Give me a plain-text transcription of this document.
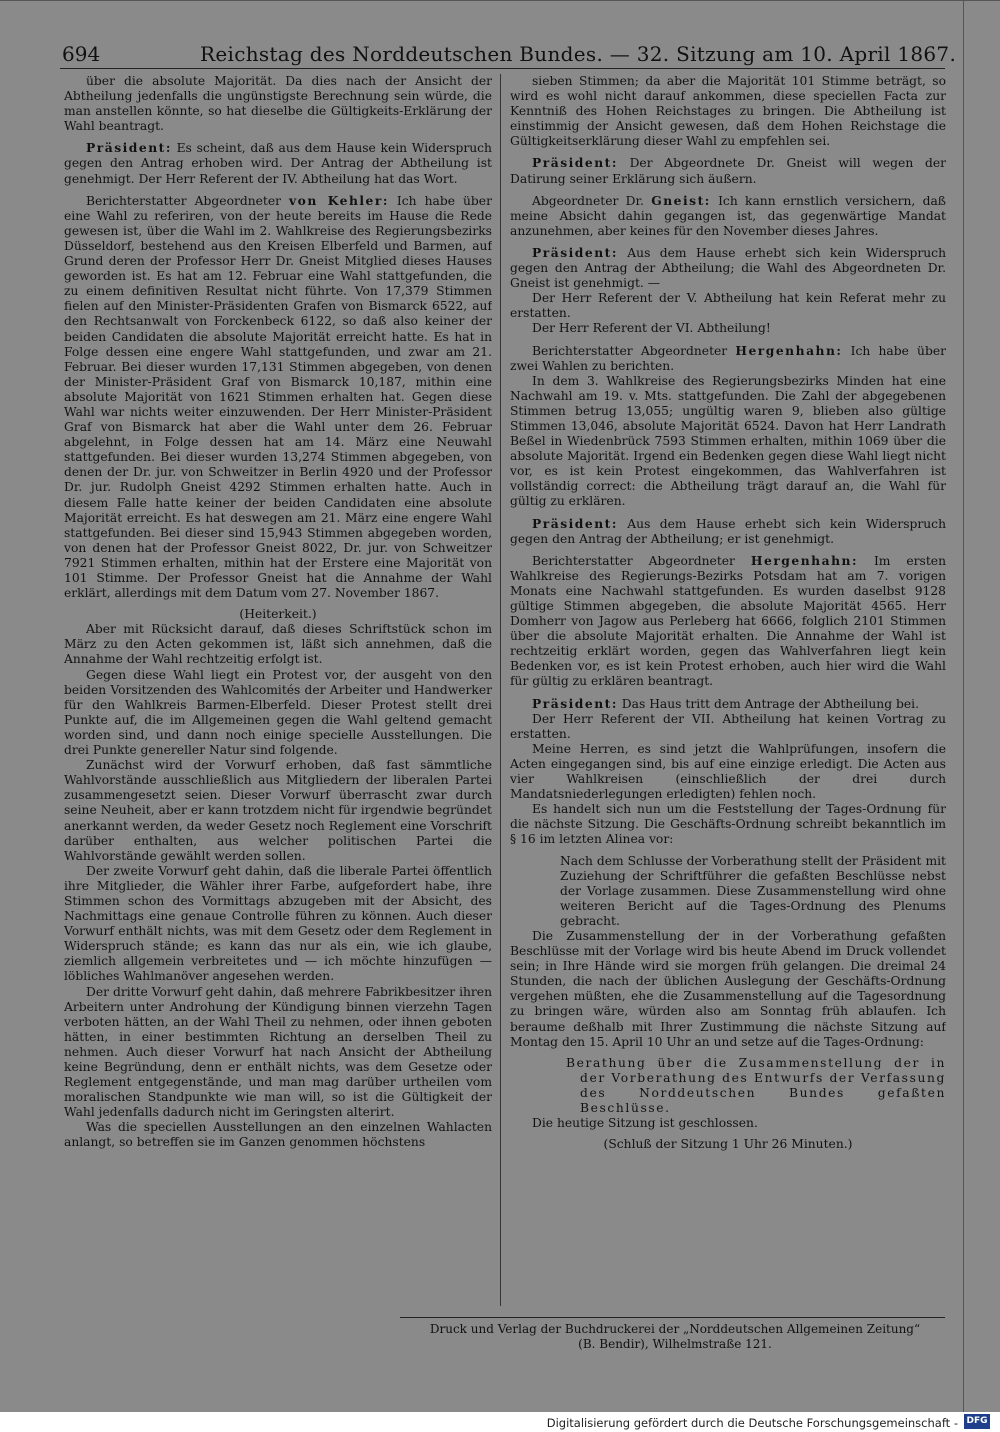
694	Reichstag des Norddeutschen Bundes. — 32. Sitzung am 10. April 1867.

über die absolute Majorität. Da dies nach der Ansicht der Abtheilung jedenfalls die ungünstigste Berechnung sein würde, die man anstellen könnte, so hat dieselbe die Gültigkeits-Erklärung der Wahl beantragt.

Präsident: Es scheint, daß aus dem Hause kein Widerspruch gegen den Antrag erhoben wird. Der Antrag der Abtheilung ist genehmigt. Der Herr Referent der IV. Abtheilung hat das Wort.

Berichterstatter Abgeordneter von Kehler: Ich habe über eine Wahl zu referiren, von der heute bereits im Hause die Rede gewesen ist, über die Wahl im 2. Wahlkreise des Regierungsbezirks Düsseldorf, bestehend aus den Kreisen Elberfeld und Barmen, auf Grund deren der Professor Herr Dr. Gneist Mitglied dieses Hauses geworden ist. Es hat am 12. Februar eine Wahl stattgefunden, die zu einem definitiven Resultat nicht führte. Von 17,379 Stimmen fielen auf den Minister-Präsidenten Grafen von Bismarck 6522, auf den Rechtsanwalt von Forckenbeck 6122, so daß also keiner der beiden Candidaten die absolute Majorität erreicht hatte. Es hat in Folge dessen eine engere Wahl stattgefunden, und zwar am 21. Februar. Bei dieser wurden 17,131 Stimmen abgegeben, von denen der Minister-Präsident Graf von Bismarck 10,187, mithin eine absolute Majorität von 1621 Stimmen erhalten hat. Gegen diese Wahl war nichts weiter einzuwenden. Der Herr Minister-Präsident Graf von Bismarck hat aber die Wahl unter dem 26. Februar abgelehnt, in Folge dessen hat am 14. März eine Neuwahl stattgefunden. Bei dieser wurden 13,274 Stimmen abgegeben, von denen der Dr. jur. von Schweitzer in Berlin 4920 und der Professor Dr. jur. Rudolph Gneist 4292 Stimmen erhalten hatte. Auch in diesem Falle hatte keiner der beiden Candidaten eine absolute Majorität erreicht. Es hat deswegen am 21. März eine engere Wahl stattgefunden. Bei dieser sind 15,943 Stimmen abgegeben worden, von denen hat der Professor Gneist 8022, Dr. jur. von Schweitzer 7921 Stimmen erhalten, mithin hat der Erstere eine Majorität von 101 Stimme. Der Professor Gneist hat die Annahme der Wahl erklärt, allerdings mit dem Datum vom 27. November 1867.

(Heiterkeit.)

Aber mit Rücksicht darauf, daß dieses Schriftstück schon im März zu den Acten gekommen ist, läßt sich annehmen, daß die Annahme der Wahl rechtzeitig erfolgt ist.

Gegen diese Wahl liegt ein Protest vor, der ausgeht von den beiden Vorsitzenden des Wahlcomités der Arbeiter und Handwerker für den Wahlkreis Barmen-Elberfeld. Dieser Protest stellt drei Punkte auf, die im Allgemeinen gegen die Wahl geltend gemacht worden sind, und dann noch einige specielle Ausstellungen. Die drei Punkte genereller Natur sind folgende.

Zunächst wird der Vorwurf erhoben, daß fast sämmtliche Wahlvorstände ausschließlich aus Mitgliedern der liberalen Partei zusammengesetzt seien. Dieser Vorwurf überrascht zwar durch seine Neuheit, aber er kann trotzdem nicht für irgendwie begründet anerkannt werden, da weder Gesetz noch Reglement eine Vorschrift darüber enthalten, aus welcher politischen Partei die Wahlvorstände gewählt werden sollen.

Der zweite Vorwurf geht dahin, daß die liberale Partei öffentlich ihre Mitglieder, die Wähler ihrer Farbe, aufgefordert habe, ihre Stimmen schon des Vormittags abzugeben mit der Absicht, des Nachmittags eine genaue Controlle führen zu können. Auch dieser Vorwurf enthält nichts, was mit dem Gesetz oder dem Reglement in Widerspruch stände; es kann das nur als ein, wie ich glaube, ziemlich allgemein verbreitetes und — ich möchte hinzufügen — löbliches Wahlmanöver angesehen werden.

Der dritte Vorwurf geht dahin, daß mehrere Fabrikbesitzer ihren Arbeitern unter Androhung der Kündigung binnen vierzehn Tagen verboten hätten, an der Wahl Theil zu nehmen, oder ihnen geboten hätten, in einer bestimmten Richtung an derselben Theil zu nehmen. Auch dieser Vorwurf hat nach Ansicht der Abtheilung keine Begründung, denn er enthält nichts, was dem Gesetze oder Reglement entgegenstände, und man mag darüber urtheilen vom moralischen Standpunkte wie man will, so ist die Gültigkeit der Wahl jedenfalls dadurch nicht im Geringsten alterirt.

Was die speciellen Ausstellungen an den einzelnen Wahlacten anlangt, so betreffen sie im Ganzen genommen höchstens

sieben Stimmen; da aber die Majorität 101 Stimme beträgt, so wird es wohl nicht darauf ankommen, diese speciellen Facta zur Kenntniß des Hohen Reichstages zu bringen. Die Abtheilung ist einstimmig der Ansicht gewesen, daß dem Hohen Reichstage die Gültigkeitserklärung dieser Wahl zu empfehlen sei.

Präsident: Der Abgeordnete Dr. Gneist will wegen der Datirung seiner Erklärung sich äußern.

Abgeordneter Dr. Gneist: Ich kann ernstlich versichern, daß meine Absicht dahin gegangen ist, das gegenwärtige Mandat anzunehmen, aber keines für den November dieses Jahres.

Präsident: Aus dem Hause erhebt sich kein Widerspruch gegen den Antrag der Abtheilung; die Wahl des Abgeordneten Dr. Gneist ist genehmigt. —

Der Herr Referent der V. Abtheilung hat kein Referat mehr zu erstatten.

Der Herr Referent der VI. Abtheilung!

Berichterstatter Abgeordneter Hergenhahn: Ich habe über zwei Wahlen zu berichten.

In dem 3. Wahlkreise des Regierungsbezirks Minden hat eine Nachwahl am 19. v. Mts. stattgefunden. Die Zahl der abgegebenen Stimmen betrug 13,055; ungültig waren 9, blieben also gültige Stimmen 13,046, absolute Majorität 6524. Davon hat Herr Landrath Beßel in Wiedenbrück 7593 Stimmen erhalten, mithin 1069 über die absolute Majorität. Irgend ein Bedenken gegen diese Wahl liegt nicht vor, es ist kein Protest eingekommen, das Wahlverfahren ist vollständig correct: die Abtheilung trägt darauf an, die Wahl für gültig zu erklären.

Präsident: Aus dem Hause erhebt sich kein Widerspruch gegen den Antrag der Abtheilung; er ist genehmigt.

Berichterstatter Abgeordneter Hergenhahn: Im ersten Wahlkreise des Regierungs-Bezirks Potsdam hat am 7. vorigen Monats eine Nachwahl stattgefunden. Es wurden daselbst 9128 gültige Stimmen abgegeben, die absolute Majorität 4565. Herr Domherr von Jagow aus Perleberg hat 6666, folglich 2101 Stimmen über die absolute Majorität erhalten. Die Annahme der Wahl ist rechtzeitig erklärt worden, gegen das Wahlverfahren liegt kein Bedenken vor, es ist kein Protest erhoben, auch hier wird die Wahl für gültig zu erklären beantragt.

Präsident: Das Haus tritt dem Antrage der Abtheilung bei.

Der Herr Referent der VII. Abtheilung hat keinen Vortrag zu erstatten.

Meine Herren, es sind jetzt die Wahlprüfungen, insofern die Acten eingegangen sind, bis auf eine einzige erledigt. Die Acten aus vier Wahlkreisen (einschließlich der drei durch Mandatsniederlegungen erledigten) fehlen noch.

Es handelt sich nun um die Feststellung der Tages-Ordnung für die nächste Sitzung. Die Geschäfts-Ordnung schreibt bekanntlich im § 16 im letzten Alinea vor:

Nach dem Schlusse der Vorberathung stellt der Präsident mit Zuziehung der Schriftführer die gefaßten Beschlüsse nebst der Vorlage zusammen. Diese Zusammenstellung wird ohne weiteren Bericht auf die Tages-Ordnung des Plenums gebracht.

Die Zusammenstellung der in der Vorberathung gefaßten Beschlüsse mit der Vorlage wird bis heute Abend im Druck vollendet sein; in Ihre Hände wird sie morgen früh gelangen. Die dreimal 24 Stunden, die nach der üblichen Auslegung der Geschäfts-Ordnung vergehen müßten, ehe die Zusammenstellung auf die Tagesordnung zu bringen wäre, würden also am Sonntag früh ablaufen. Ich beraume deßhalb mit Ihrer Zustimmung die nächste Sitzung auf Montag den 15. April 10 Uhr an und setze auf die Tages-Ordnung:

Berathung über die Zusammenstellung der in der Vorberathung des Entwurfs der Verfassung des Norddeutschen Bundes gefaßten Beschlüsse.

Die heutige Sitzung ist geschlossen.

(Schluß der Sitzung 1 Uhr 26 Minuten.)

Druck und Verlag der Buchdruckerei der „Norddeutschen Allgemeinen Zeitung“
(B. Bendir), Wilhelmstraße 121.
Digitalisierung gefördert durch die Deutsche Forschungsgemeinschaft - DFG
